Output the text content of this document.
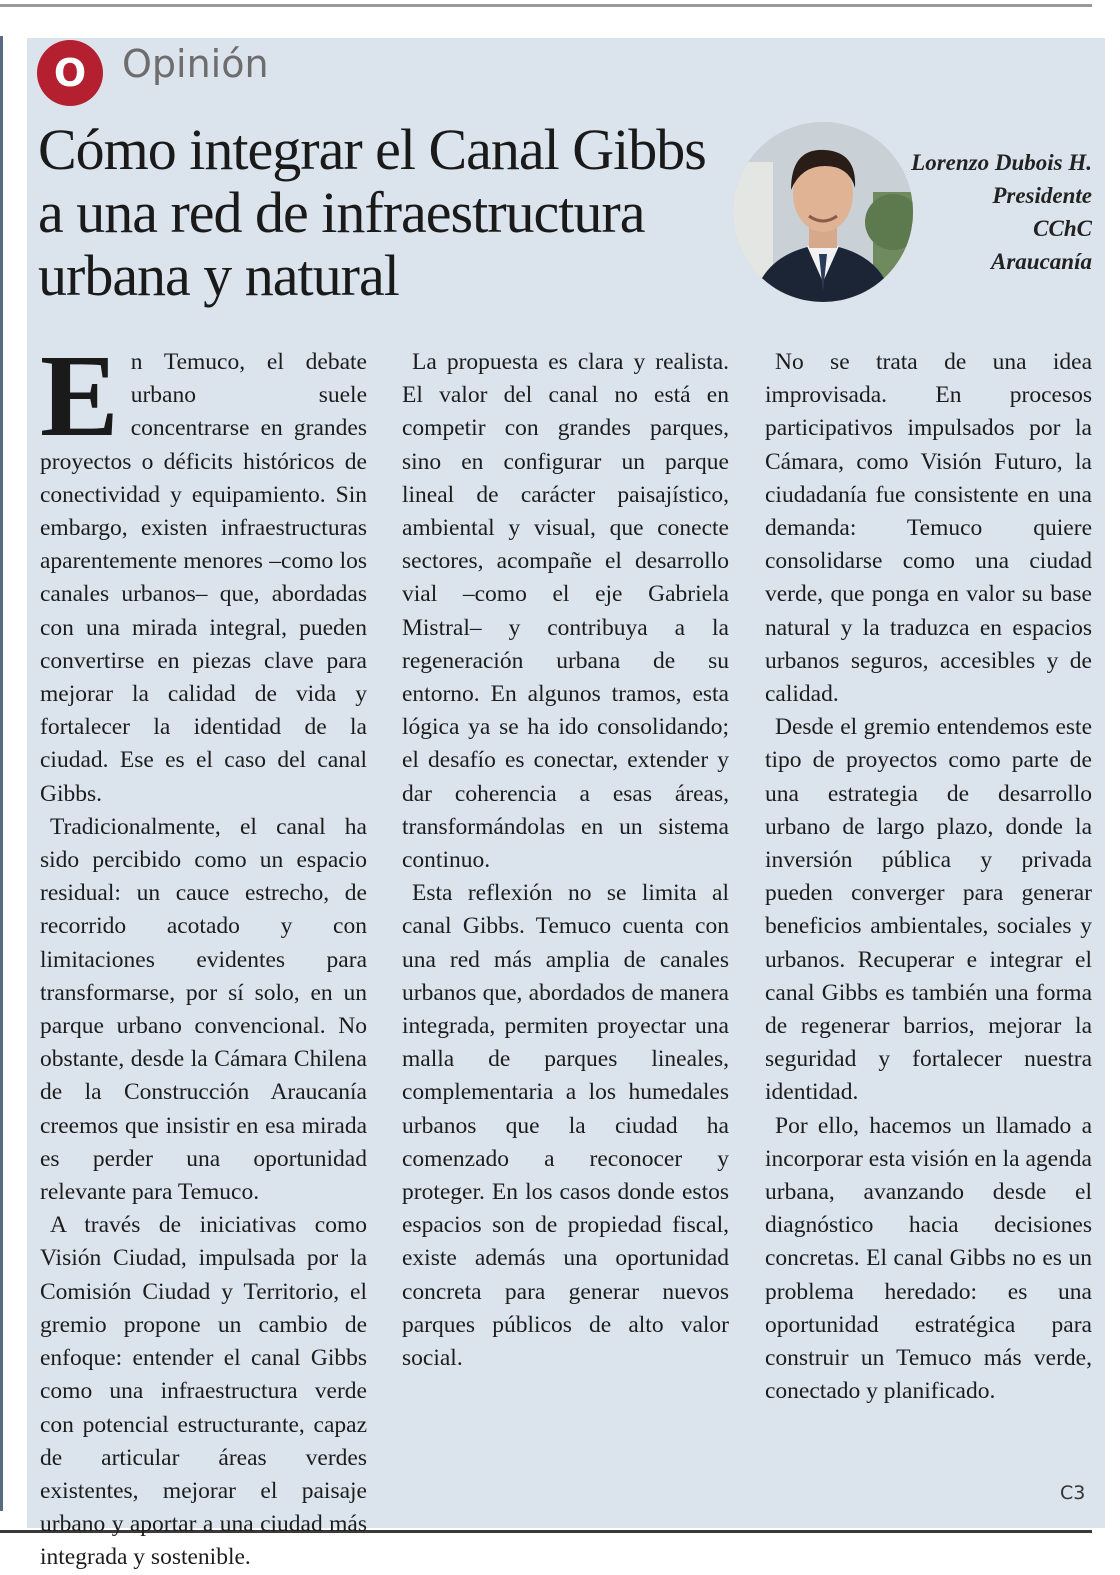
O Opinión
Cómo integrar el Canal Gibbs a una red de infraestructura urbana y natural
Lorenzo Dubois H.
Presidente
CChC
Araucanía

En Temuco, el debate urbano suele concentrarse en grandes proyectos o déficits históricos de conectividad y equipamiento. Sin embargo, existen infraestructuras aparentemente menores –como los canales urbanos– que, abordadas con una mirada integral, pueden convertirse en piezas clave para mejorar la calidad de vida y fortalecer la identidad de la ciudad. Ese es el caso del canal Gibbs.

Tradicionalmente, el canal ha sido percibido como un espacio residual: un cauce estrecho, de recorrido acotado y con limitaciones evidentes para transformarse, por sí solo, en un parque urbano convencional. No obstante, desde la Cámara Chilena de la Construcción Araucanía creemos que insistir en esa mirada es perder una oportunidad relevante para Temuco.

A través de iniciativas como Visión Ciudad, impulsada por la Comisión Ciudad y Territorio, el gremio propone un cambio de enfoque: entender el canal Gibbs como una infraestructura verde con potencial estructurante, capaz de articular áreas verdes existentes, mejorar el paisaje urbano y aportar a una ciudad más integrada y sostenible.

La propuesta es clara y realista. El valor del canal no está en competir con grandes parques, sino en configurar un parque lineal de carácter paisajístico, ambiental y visual, que conecte sectores, acompañe el desarrollo vial –como el eje Gabriela Mistral– y contribuya a la regeneración urbana de su entorno. En algunos tramos, esta lógica ya se ha ido consolidando; el desafío es conectar, extender y dar coherencia a esas áreas, transformándolas en un sistema continuo.

Esta reflexión no se limita al canal Gibbs. Temuco cuenta con una red más amplia de canales urbanos que, abordados de manera integrada, permiten proyectar una malla de parques lineales, complementaria a los humedales urbanos que la ciudad ha comenzado a reconocer y proteger. En los casos donde estos espacios son de propiedad fiscal, existe además una oportunidad concreta para generar nuevos parques públicos de alto valor social.

No se trata de una idea improvisada. En procesos participativos impulsados por la Cámara, como Visión Futuro, la ciudadanía fue consistente en una demanda: Temuco quiere consolidarse como una ciudad verde, que ponga en valor su base natural y la traduzca en espacios urbanos seguros, accesibles y de calidad.

Desde el gremio entendemos este tipo de proyectos como parte de una estrategia de desarrollo urbano de largo plazo, donde la inversión pública y privada pueden converger para generar beneficios ambientales, sociales y urbanos. Recuperar e integrar el canal Gibbs es también una forma de regenerar barrios, mejorar la seguridad y fortalecer nuestra identidad.

Por ello, hacemos un llamado a incorporar esta visión en la agenda urbana, avanzando desde el diagnóstico hacia decisiones concretas. El canal Gibbs no es un problema heredado: es una oportunidad estratégica para construir un Temuco más verde, conectado y planificado.

C3
